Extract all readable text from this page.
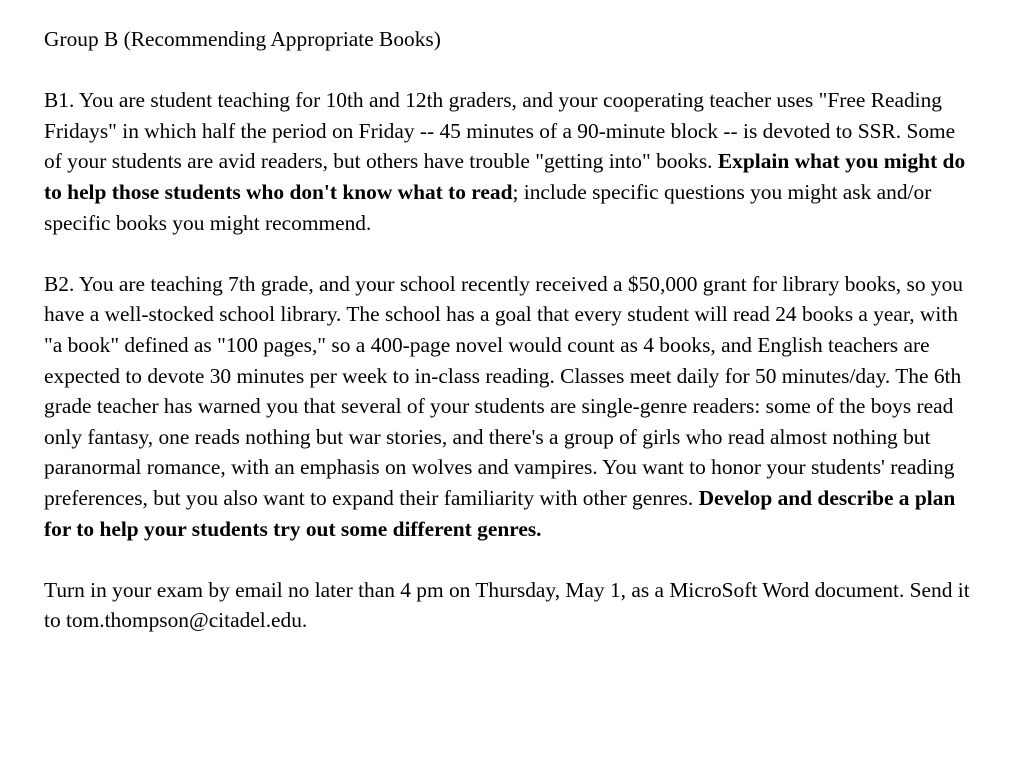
Group B (Recommending Appropriate Books)

B1. You are student teaching for 10th and 12th graders, and your cooperating teacher uses "Free Reading Fridays" in which half the period on Friday -- 45 minutes of a 90-minute block -- is devoted to SSR. Some of your students are avid readers, but others have trouble "getting into" books. Explain what you might do to help those students who don't know what to read; include specific questions you might ask and/or specific books you might recommend.

B2. You are teaching 7th grade, and your school recently received a $50,000 grant for library books, so you have a well-stocked school library. The school has a goal that every student will read 24 books a year, with "a book" defined as "100 pages," so a 400-page novel would count as 4 books, and English teachers are expected to devote 30 minutes per week to in-class reading. Classes meet daily for 50 minutes/day. The 6th grade teacher has warned you that several of your students are single-genre readers: some of the boys read only fantasy, one reads nothing but war stories, and there's a group of girls who read almost nothing but paranormal romance, with an emphasis on wolves and vampires. You want to honor your students' reading preferences, but you also want to expand their familiarity with other genres. Develop and describe a plan for to help your students try out some different genres.

Turn in your exam by email no later than 4 pm on Thursday, May 1, as a MicroSoft Word document. Send it to tom.thompson@citadel.edu.
